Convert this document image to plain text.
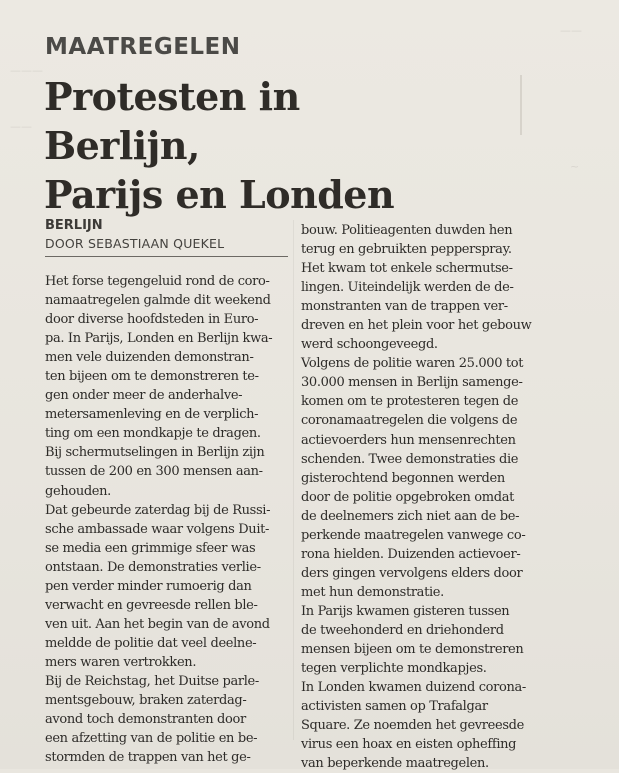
———
——
——
~
MAATREGELEN
Protesten in Berlijn,
Parijs en Londen
BERLIJN
DOOR SEBASTIAAN QUEKEL
Het forse tegengeluid rond de coro-
namaatregelen galmde dit weekend
door diverse hoofdsteden in Euro-
pa. In Parijs, Londen en Berlijn kwa-
men vele duizenden demonstran-
ten bijeen om te demonstreren te-
gen onder meer de anderhalve-
metersamenleving en de verplich-
ting om een mondkapje te dragen.
Bij schermutselingen in Berlijn zijn
tussen de 200 en 300 mensen aan-
gehouden.
Dat gebeurde zaterdag bij de Russi-
sche ambassade waar volgens Duit-
se media een grimmige sfeer was
ontstaan. De demonstraties verlie-
pen verder minder rumoerig dan
verwacht en gevreesde rellen ble-
ven uit. Aan het begin van de avond
meldde de politie dat veel deelne-
mers waren vertrokken.
Bij de Reichstag, het Duitse parle-
mentsgebouw, braken zaterdag-
avond toch demonstranten door
een afzetting van de politie en be-
stormden de trappen van het ge-
bouw. Politieagenten duwden hen
terug en gebruikten pepperspray.
Het kwam tot enkele schermutse-
lingen. Uiteindelijk werden de de-
monstranten van de trappen ver-
dreven en het plein voor het gebouw
werd schoongeveegd.
Volgens de politie waren 25.000 tot
30.000 mensen in Berlijn samenge-
komen om te protesteren tegen de
coronamaatregelen die volgens de
actievoerders hun mensenrechten
schenden. Twee demonstraties die
gisterochtend begonnen werden
door de politie opgebroken omdat
de deelnemers zich niet aan de be-
perkende maatregelen vanwege co-
rona hielden. Duizenden actievoer-
ders gingen vervolgens elders door
met hun demonstratie.
In Parijs kwamen gisteren tussen
de tweehonderd en driehonderd
mensen bijeen om te demonstreren
tegen verplichte mondkapjes.
In Londen kwamen duizend corona-
activisten samen op Trafalgar
Square. Ze noemden het gevreesde
virus een hoax en eisten opheffing
van beperkende maatregelen.
